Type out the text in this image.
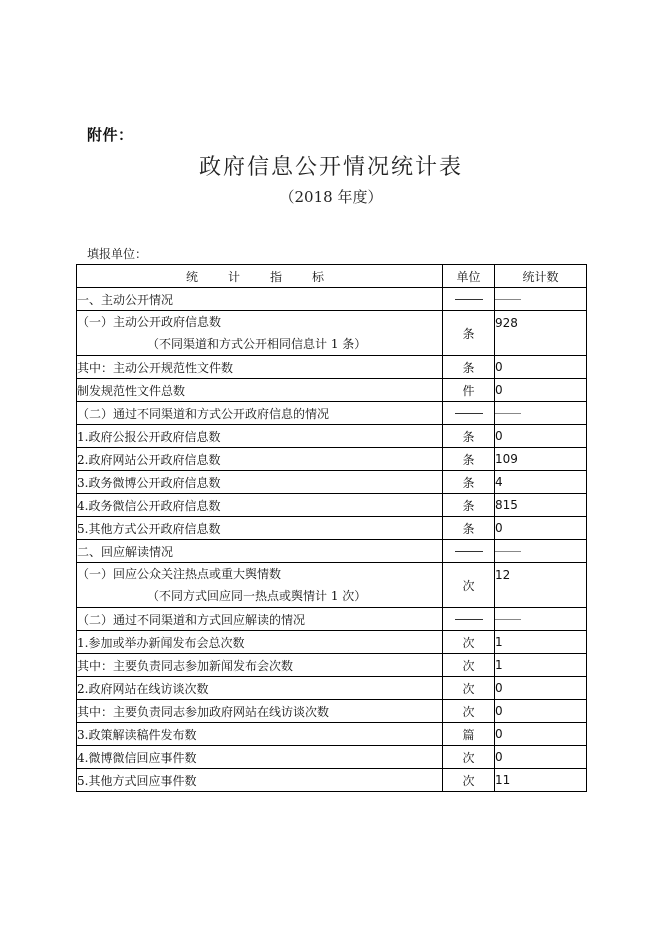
附件：
政府信息公开情况统计表
（2018 年度）
填报单位：
统　计　指　标	单位	统计数
一、主动公开情况		

（一）主动公开政府信息数
（不同渠道和方式公开相同信息计 1 条）	条	928
其中：主动公开规范性文件数	条	0
制发规范性文件总数	件	0
（二）通过不同渠道和方式公开政府信息的情况		
1.政府公报公开政府信息数	条	0
2.政府网站公开政府信息数	条	109
3.政务微博公开政府信息数	条	4
4.政务微信公开政府信息数	条	815
5.其他方式公开政府信息数	条	0
二、回应解读情况		

（一）回应公众关注热点或重大舆情数
（不同方式回应同一热点或舆情计 1 次）	次	12
（二）通过不同渠道和方式回应解读的情况		
1.参加或举办新闻发布会总次数	次	1
其中：主要负责同志参加新闻发布会次数	次	1
2.政府网站在线访谈次数	次	0
其中：主要负责同志参加政府网站在线访谈次数	次	0
3.政策解读稿件发布数	篇	0
4.微博微信回应事件数	次	0
5.其他方式回应事件数	次	11
